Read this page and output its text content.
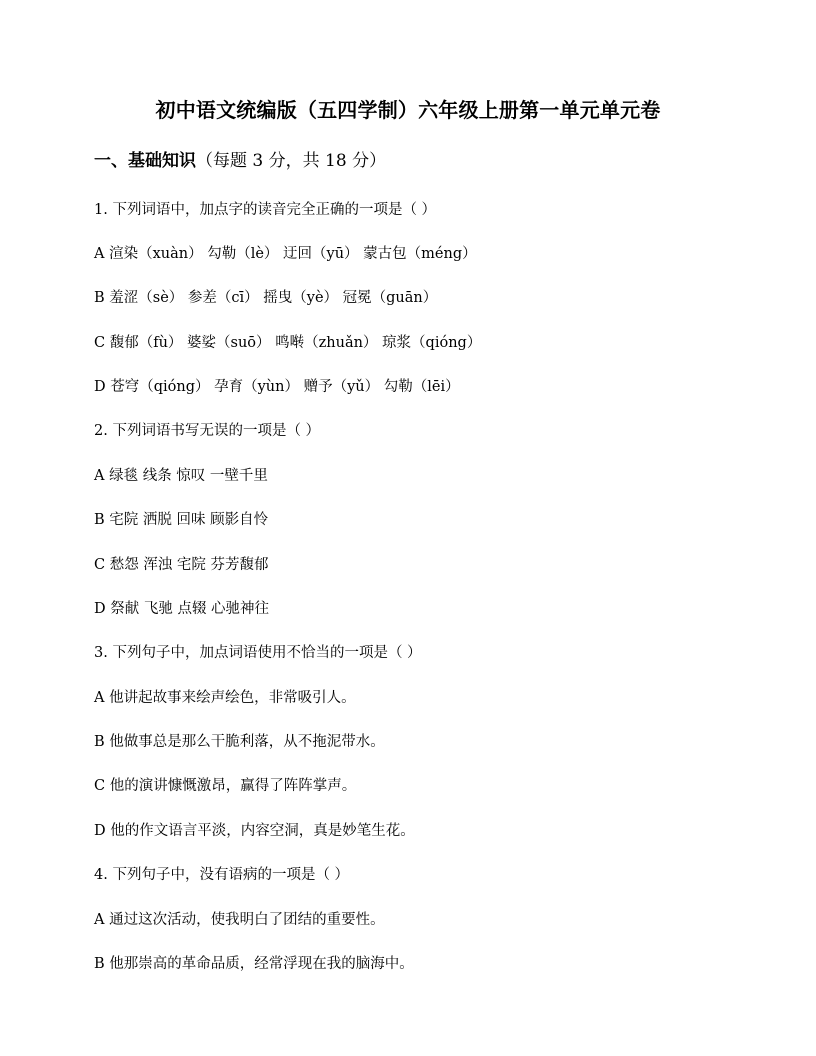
初中语文统编版（五四学制）六年级上册第一单元单元卷
一、基础知识（每题 3 分，共 18 分）
1. 下列词语中，加点字的读音完全正确的一项是（ ）
A 渲染（xuàn） 勾勒（lè） 迂回（yū） 蒙古包（méng）
B 羞涩（sè） 参差（cī） 摇曳（yè） 冠冕（guān）
C 馥郁（fù） 婆娑（suō） 鸣啭（zhuǎn） 琼浆（qióng）
D 苍穹（qióng） 孕育（yùn） 赠予（yǔ） 勾勒（lēi）
2. 下列词语书写无误的一项是（ ）
A 绿毯 线条 惊叹 一壁千里
B 宅院 洒脱 回味 顾影自怜
C 愁怨 浑浊 宅院 芬芳馥郁
D 祭献 飞驰 点辍 心驰神往
3. 下列句子中，加点词语使用不恰当的一项是（ ）
A 他讲起故事来绘声绘色，非常吸引人。
B 他做事总是那么干脆利落，从不拖泥带水。
C 他的演讲慷慨激昂，赢得了阵阵掌声。
D 他的作文语言平淡，内容空洞，真是妙笔生花。
4. 下列句子中，没有语病的一项是（ ）
A 通过这次活动，使我明白了团结的重要性。
B 他那崇高的革命品质，经常浮现在我的脑海中。
